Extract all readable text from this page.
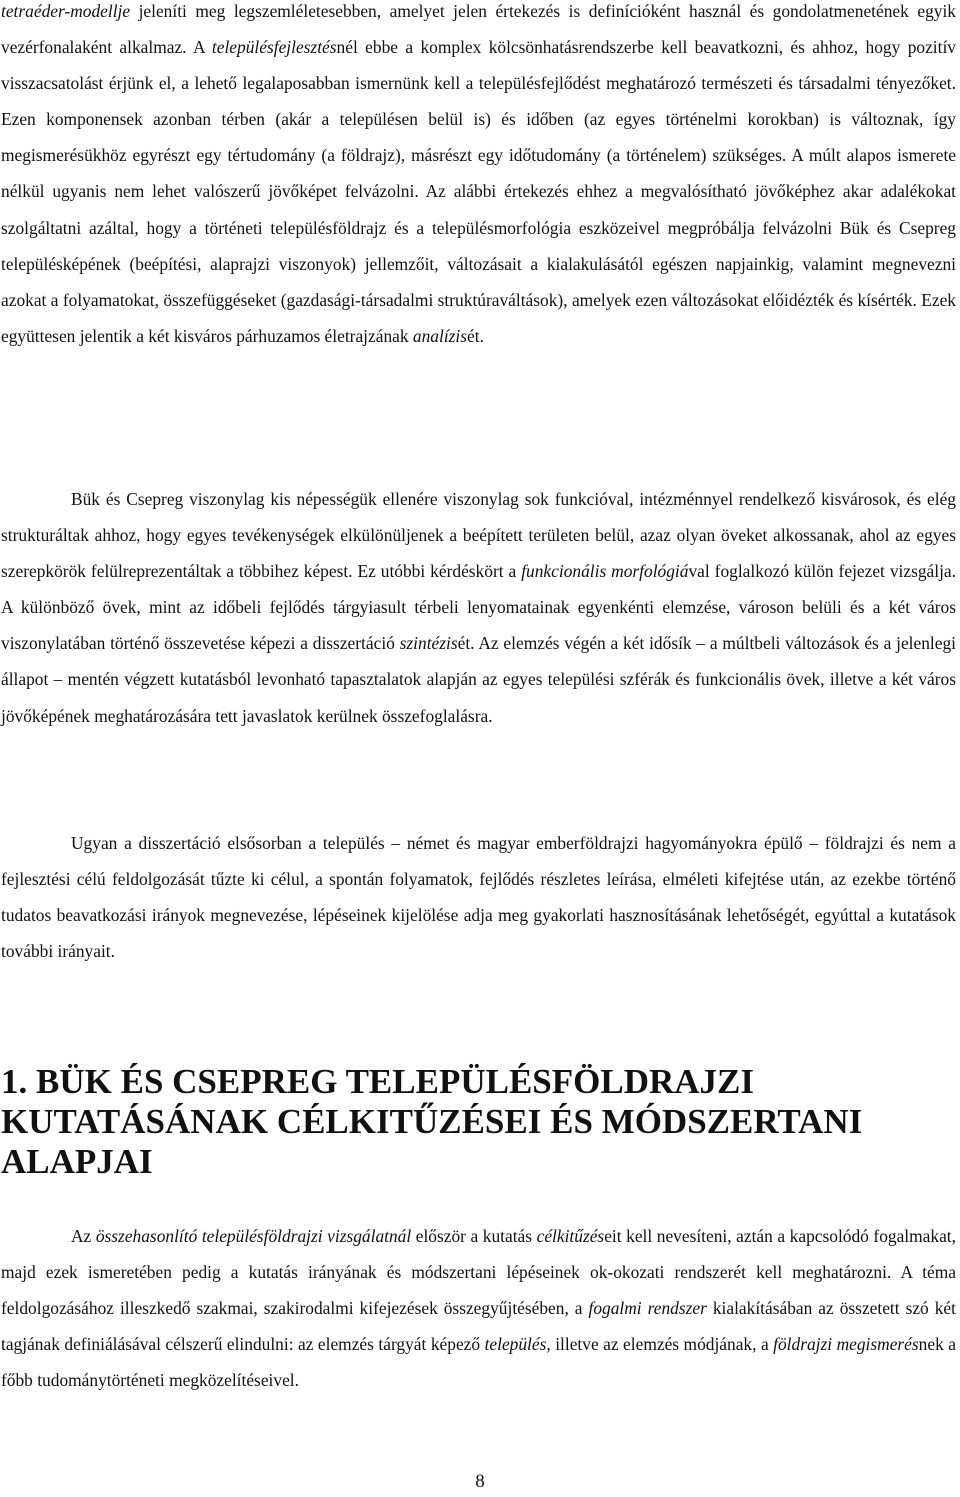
tetraéder-modellje jeleníti meg legszemléletesebben, amelyet jelen értekezés is definícióként használ és gondolatmenetének egyik vezérfonalaként alkalmaz. A településfejlesztésnél ebbe a komplex kölcsönhatásrendszerbe kell beavatkozni, és ahhoz, hogy pozitív visszacsatolást érjünk el, a lehető legalaposabban ismernünk kell a településfejlődést meghatározó természeti és társadalmi tényezőket. Ezen komponensek azonban térben (akár a településen belül is) és időben (az egyes történelmi korokban) is változnak, így megismerésükhöz egyrészt egy tértudomány (a földrajz), másrészt egy időtudomány (a történelem) szükséges. A múlt alapos ismerete nélkül ugyanis nem lehet valószerű jövőképet felvázolni. Az alábbi értekezés ehhez a megvalósítható jövőképhez akar adalékokat szolgáltatni azáltal, hogy a történeti településföldrajz és a településmorfológia eszközeivel megpróbálja felvázolni Bük és Csepreg településképének (beépítési, alaprajzi viszonyok) jellemzőit, változásait a kialakulásától egészen napjainkig, valamint megnevezni azokat a folyamatokat, összefüggéseket (gazdasági-társadalmi struktúraváltások), amelyek ezen változásokat előidézték és kísérték. Ezek együttesen jelentik a két kisváros párhuzamos életrajzának analízisét.

Bük és Csepreg viszonylag kis népességük ellenére viszonylag sok funkcióval, intézménnyel rendelkező kisvárosok, és elég strukturáltak ahhoz, hogy egyes tevékenységek elkülönüljenek a beépített területen belül, azaz olyan öveket alkossanak, ahol az egyes szerepkörök felülreprezentáltak a többihez képest. Ez utóbbi kérdéskört a funkcionális morfológiával foglalkozó külön fejezet vizsgálja. A különböző övek, mint az időbeli fejlődés tárgyiasult térbeli lenyomatainak egyenkénti elemzése, városon belüli és a két város viszonylatában történő összevetése képezi a disszertáció szintézisét. Az elemzés végén a két idősík – a múltbeli változások és a jelenlegi állapot – mentén végzett kutatásból levonható tapasztalatok alapján az egyes települési szférák és funkcionális övek, illetve a két város jövőképének meghatározására tett javaslatok kerülnek összefoglalásra.

Ugyan a disszertáció elsősorban a település – német és magyar emberföldrajzi hagyományokra épülő – földrajzi és nem a fejlesztési célú feldolgozását tűzte ki célul, a spontán folyamatok, fejlődés részletes leírása, elméleti kifejtése után, az ezekbe történő tudatos beavatkozási irányok megnevezése, lépéseinek kijelölése adja meg gyakorlati hasznosításának lehetőségét, egyúttal a kutatások további irányait.

1. BÜK ÉS CSEPREG TELEPÜLÉSFÖLDRAJZI KUTATÁSÁNAK CÉLKITŰZÉSEI ÉS MÓDSZERTANI ALAPJAI

Az összehasonlító településföldrajzi vizsgálatnál először a kutatás célkitűzéseit kell nevesíteni, aztán a kapcsolódó fogalmakat, majd ezek ismeretében pedig a kutatás irányának és módszertani lépéseinek ok-okozati rendszerét kell meghatározni. A téma feldolgozásához illeszkedő szakmai, szakirodalmi kifejezések összegyűjtésében, a fogalmi rendszer kialakításában az összetett szó két tagjának definiálásával célszerű elindulni: az elemzés tárgyát képező település, illetve az elemzés módjának, a földrajzi megismerésnek a főbb tudománytörténeti megközelítéseivel.

8
